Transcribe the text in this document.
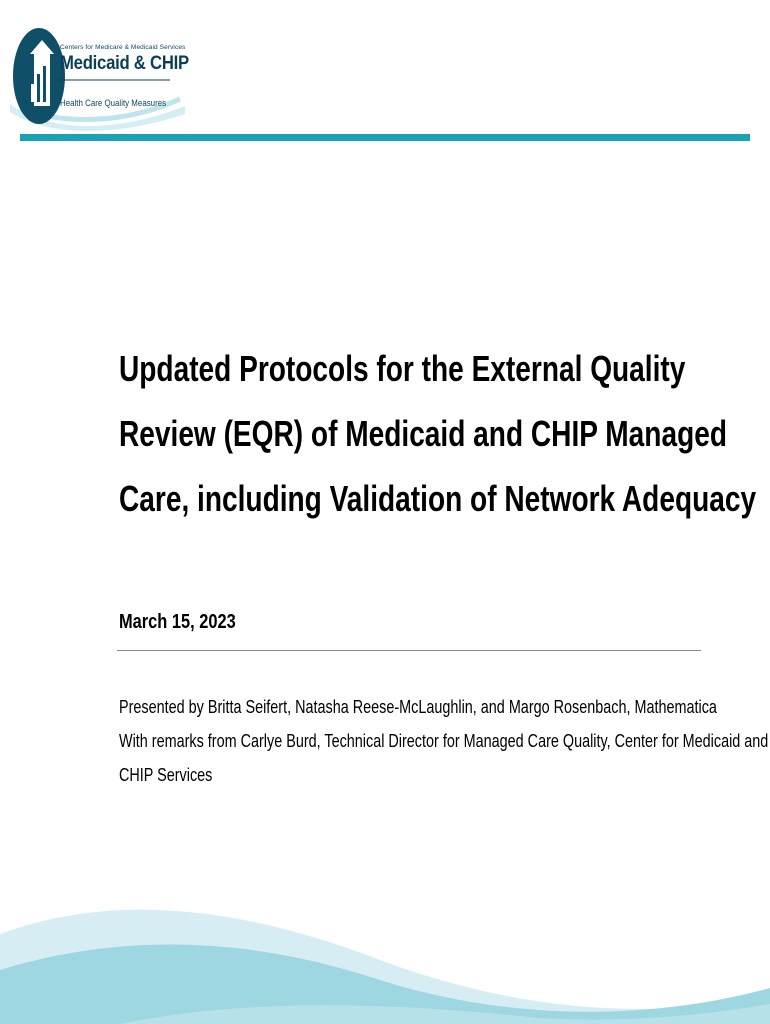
Centers for Medicare & Medicaid Services
Medicaid & CHIP
Health Care Quality Measures
Updated Protocols for the External Quality
Review (EQR) of Medicaid and CHIP Managed
Care, including Validation of Network Adequacy
March 15, 2023
Presented by Britta Seifert, Natasha Reese-McLaughlin, and Margo Rosenbach, Mathematica
With remarks from Carlye Burd, Technical Director for Managed Care Quality, Center for Medicaid and
CHIP Services
